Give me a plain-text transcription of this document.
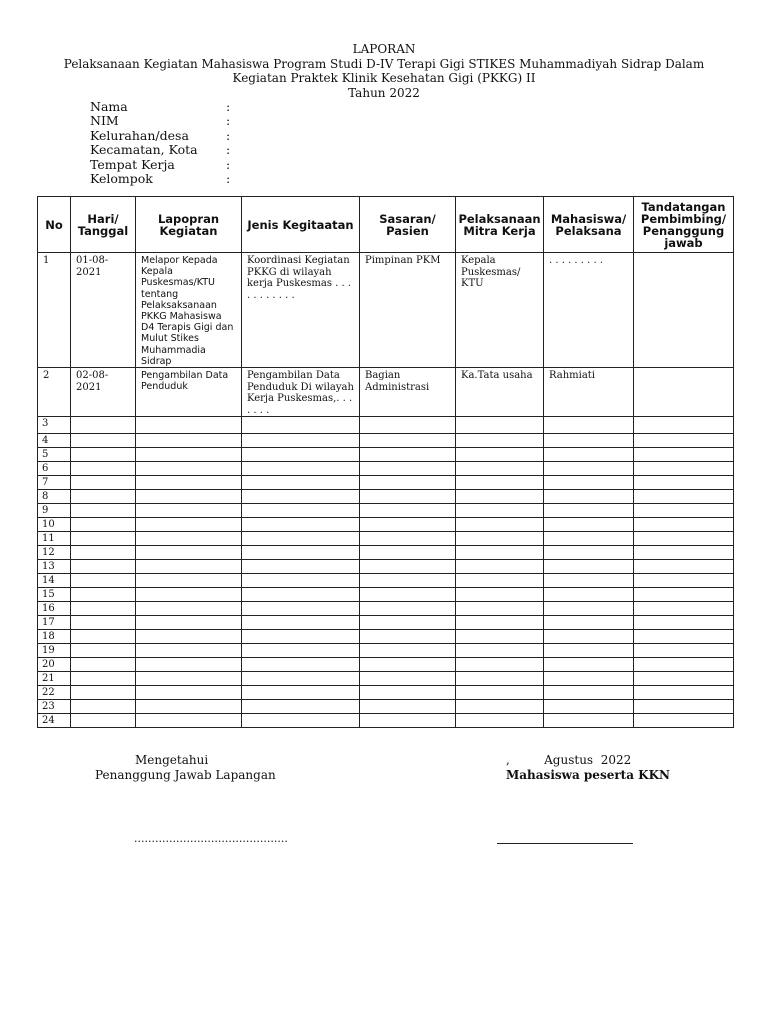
LAPORAN
Pelaksanaan Kegiatan Mahasiswa Program Studi D-IV Terapi Gigi STIKES Muhammadiyah Sidrap Dalam
Kegiatan Praktek Klinik Kesehatan Gigi (PKKG) II
Tahun 2022
Nama	:
NIM	:
Kelurahan/desa	:
Kecamatan, Kota :
Tempat Kerja	:
Kelompok	:
No	Hari/ Tanggal	Lapopran Kegiatan	Jenis Kegitaatan	Sasaran/ Pasien	Pelaksanaan Mitra Kerja	Mahasiswa/ Pelaksana	Tandatangan Pembimbing/ Penanggung jawab

1	01-08-2021	Melapor Kepada Kepala Puskesmas/KTU tentang Pelaksaksanaan PKKG Mahasiswa D4 Terapis Gigi dan Mulut Stikes Muhammadia Sidrap	Koordinasi Kegiatan PKKG di wilayah kerja Puskesmas . . . . . . . . . . .	Pimpinan PKM	Kepala Puskesmas/ KTU	. . . . . . . . .	

2	02-08-2021	Pengambilan Data Penduduk	Pengambilan Data Penduduk Di wilayah Kerja Puskesmas,. . . . . . .	Bagian Administrasi	Ka.Tata usaha	Rahmiati	

3							

4							

5							

6							

7							

8							

9							

10							

11							

12							

13							

14							

15							

16							

17							

18							

19							

20							

21							

22							

23							

24							

Mengetahui
Penanggung Jawab Lapangan
,         Agustus  2022
Mahasiswa peserta KKN
............................................
